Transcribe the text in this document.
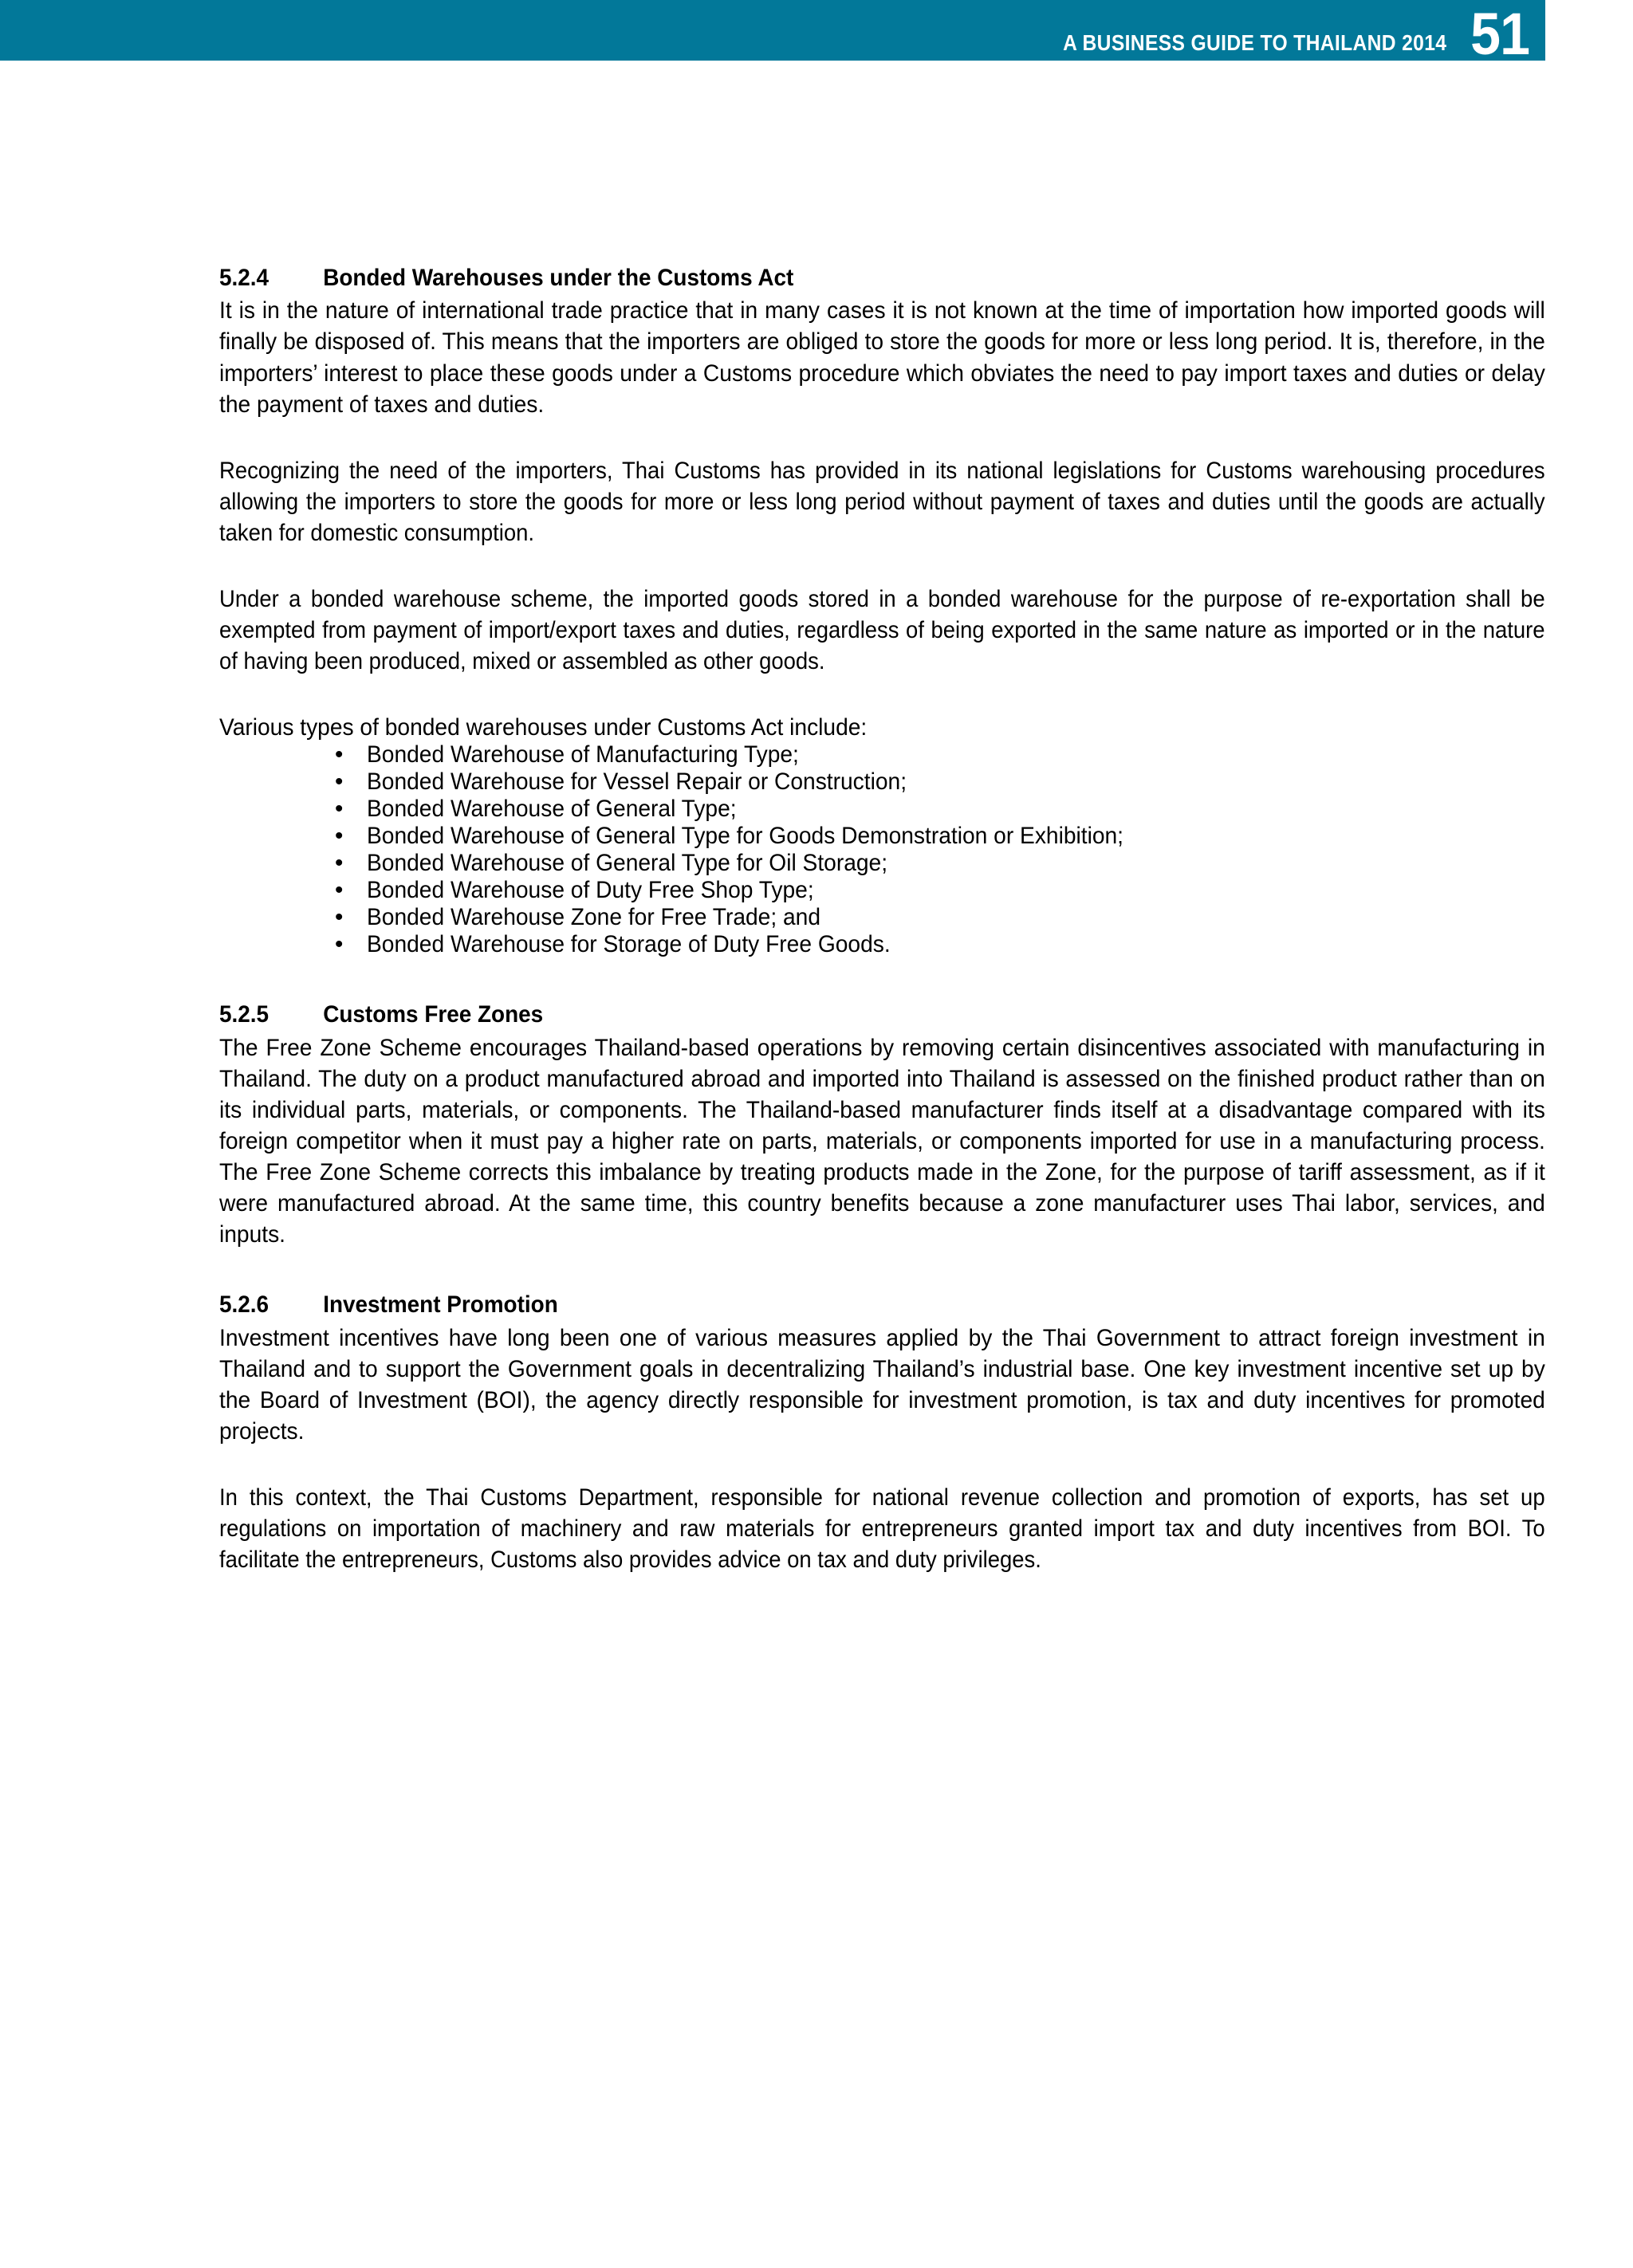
A BUSINESS GUIDE TO THAILAND 2014 51
5.2.4 Bonded Warehouses under the Customs Act

It is in the nature of international trade practice that in many cases it is not known at the time of importation how imported goods will finally be disposed of. This means that the importers are obliged to store the goods for more or less long period. It is, therefore, in the importers’ interest to place these goods under a Customs procedure which obviates the need to pay import taxes and duties or delay the payment of taxes and duties.

Recognizing the need of the importers, Thai Customs has provided in its national legislations for Customs warehousing procedures allowing the importers to store the goods for more or less long period without payment of taxes and duties until the goods are actually taken for domestic consumption.

Under a bonded warehouse scheme, the imported goods stored in a bonded warehouse for the purpose of re-exportation shall be exempted from payment of import/export taxes and duties, regardless of being exported in the same nature as imported or in the nature of having been produced, mixed or assembled as other goods.

Various types of bonded warehouses under Customs Act include:

• Bonded Warehouse of Manufacturing Type;
• Bonded Warehouse for Vessel Repair or Construction;
• Bonded Warehouse of General Type;
• Bonded Warehouse of General Type for Goods Demonstration or Exhibition;
• Bonded Warehouse of General Type for Oil Storage;
• Bonded Warehouse of Duty Free Shop Type;
• Bonded Warehouse Zone for Free Trade; and
• Bonded Warehouse for Storage of Duty Free Goods.
5.2.5 Customs Free Zones

The Free Zone Scheme encourages Thailand-based operations by removing certain disincentives associated with manufacturing in Thailand. The duty on a product manufactured abroad and imported into Thailand is assessed on the finished product rather than on its individual parts, materials, or components. The Thailand-based manufacturer finds itself at a disadvantage compared with its foreign competitor when it must pay a higher rate on parts, materials, or components imported for use in a manufacturing process. The Free Zone Scheme corrects this imbalance by treating products made in the Zone, for the purpose of tariff assessment, as if it were manufactured abroad. At the same time, this country benefits because a zone manufacturer uses Thai labor, services, and inputs.

5.2.6 Investment Promotion

Investment incentives have long been one of various measures applied by the Thai Government to attract foreign investment in Thailand and to support the Government goals in decentralizing Thailand’s industrial base. One key investment incentive set up by the Board of Investment (BOI), the agency directly responsible for investment promotion, is tax and duty incentives for promoted projects.

In this context, the Thai Customs Department, responsible for national revenue collection and promotion of exports, has set up regulations on importation of machinery and raw materials for entrepreneurs granted import tax and duty incentives from BOI. To facilitate the entrepreneurs, Customs also provides advice on tax and duty privileges.
